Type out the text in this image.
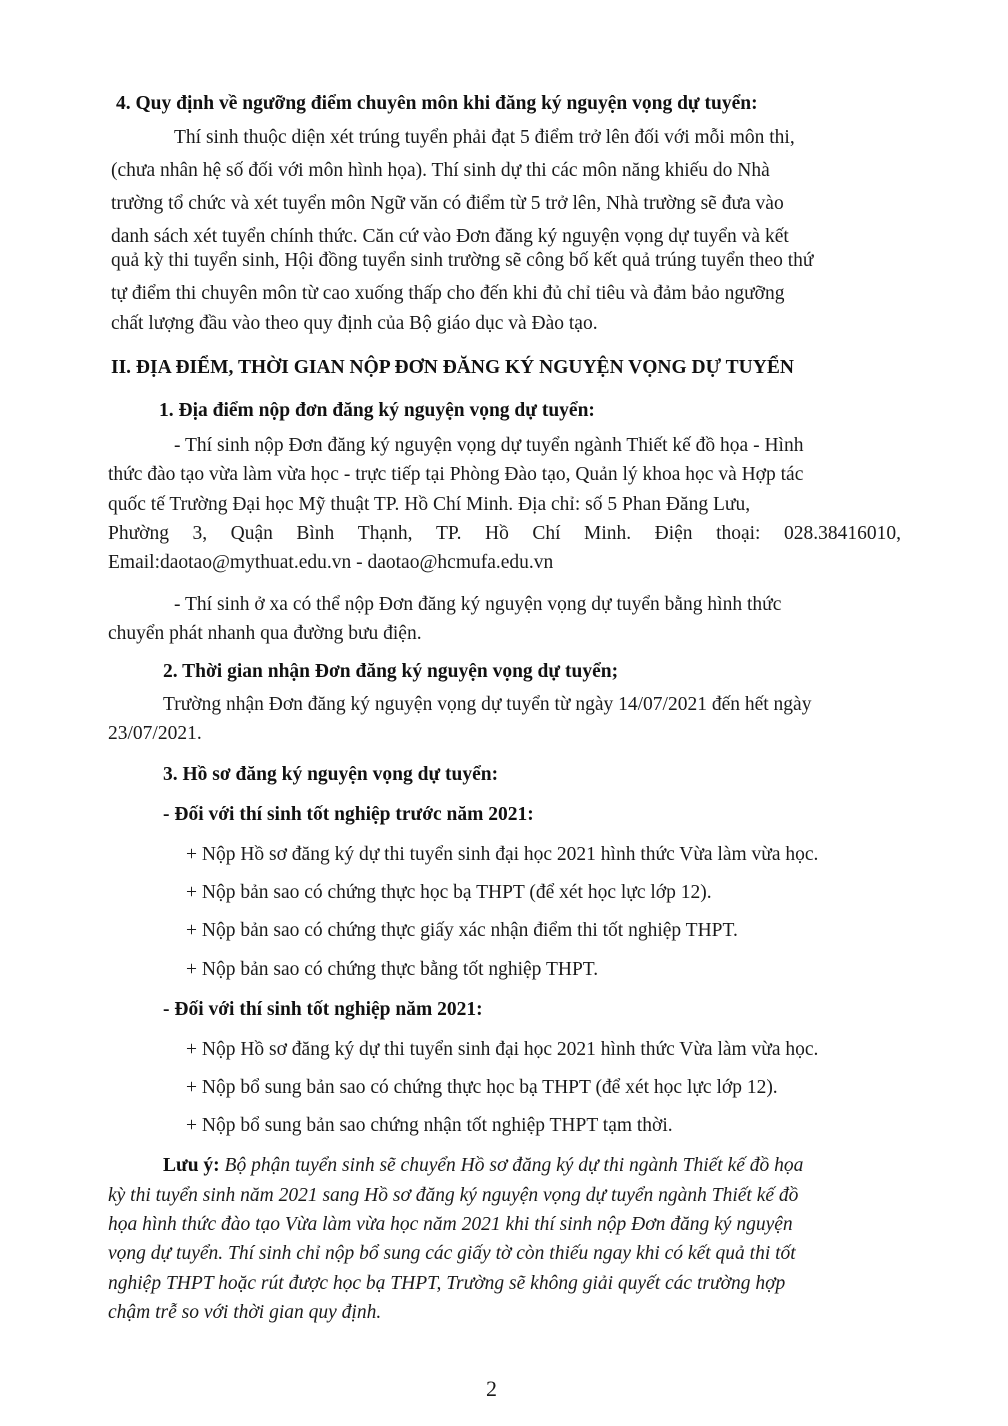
4. Quy định về ngưỡng điểm chuyên môn khi đăng ký nguyện vọng dự tuyển:
Thí sinh thuộc diện xét trúng tuyển phải đạt 5 điểm trở lên đối với mỗi môn thi,
(chưa nhân hệ số đối với môn hình họa). Thí sinh dự thi các môn năng khiếu do Nhà
trường tổ chức và xét tuyển môn Ngữ văn có điểm từ 5 trở lên, Nhà trường sẽ đưa vào
danh sách xét tuyển chính thức. Căn cứ vào Đơn đăng ký nguyện vọng dự tuyển và kết
quả kỳ thi tuyển sinh, Hội đồng tuyển sinh trường sẽ công bố kết quả trúng tuyển theo thứ
tự điểm thi chuyên môn từ cao xuống thấp cho đến khi đủ chỉ tiêu và đảm bảo ngưỡng
chất lượng đầu vào theo quy định của Bộ giáo dục và Đào tạo.
II. ĐỊA ĐIỂM, THỜI GIAN NỘP ĐƠN ĐĂNG KÝ NGUYỆN VỌNG DỰ TUYỂN
1. Địa điểm nộp đơn đăng ký nguyện vọng dự tuyển:
- Thí sinh nộp Đơn đăng ký nguyện vọng dự tuyển ngành Thiết kế đồ họa - Hình
thức đào tạo vừa làm vừa học - trực tiếp tại Phòng Đào tạo, Quản lý khoa học và Hợp tác
quốc tế Trường Đại học Mỹ thuật TP. Hồ Chí Minh. Địa chỉ: số 5 Phan Đăng Lưu,
Phường 3, Quận Bình Thạnh, TP. Hồ Chí Minh. Điện thoại: 028.38416010,
Email:daotao@mythuat.edu.vn - daotao@hcmufa.edu.vn
- Thí sinh ở xa có thể nộp Đơn đăng ký nguyện vọng dự tuyển bằng hình thức
chuyển phát nhanh qua đường bưu điện.
2. Thời gian nhận Đơn đăng ký nguyện vọng dự tuyển;
Trường nhận Đơn đăng ký nguyện vọng dự tuyển từ ngày 14/07/2021 đến hết ngày
23/07/2021.
3. Hồ sơ đăng ký nguyện vọng dự tuyển:
- Đối với thí sinh tốt nghiệp trước năm 2021:
+ Nộp Hồ sơ đăng ký dự thi tuyển sinh đại học 2021 hình thức Vừa làm vừa học.
+ Nộp bản sao có chứng thực học bạ THPT (để xét học lực lớp 12).
+ Nộp bản sao có chứng thực giấy xác nhận điểm thi tốt nghiệp THPT.
+ Nộp bản sao có chứng thực bằng tốt nghiệp THPT.
- Đối với thí sinh tốt nghiệp năm 2021:
+ Nộp Hồ sơ đăng ký dự thi tuyển sinh đại học 2021 hình thức Vừa làm vừa học.
+ Nộp bổ sung bản sao có chứng thực học bạ THPT (để xét học lực lớp 12).
+ Nộp bổ sung bản sao chứng nhận tốt nghiệp THPT tạm thời.
Lưu ý: Bộ phận tuyển sinh sẽ chuyển Hồ sơ đăng ký dự thi ngành Thiết kế đồ họa
kỳ thi tuyển sinh năm 2021 sang Hồ sơ đăng ký nguyện vọng dự tuyển ngành Thiết kế đồ
họa hình thức đào tạo Vừa làm vừa học năm 2021 khi thí sinh nộp Đơn đăng ký nguyện
vọng dự tuyển. Thí sinh chỉ nộp bổ sung các giấy tờ còn thiếu ngay khi có kết quả thi tốt
nghiệp THPT hoặc rút được học bạ THPT, Trường sẽ không giải quyết các trường hợp
chậm trễ so với thời gian quy định.
2
